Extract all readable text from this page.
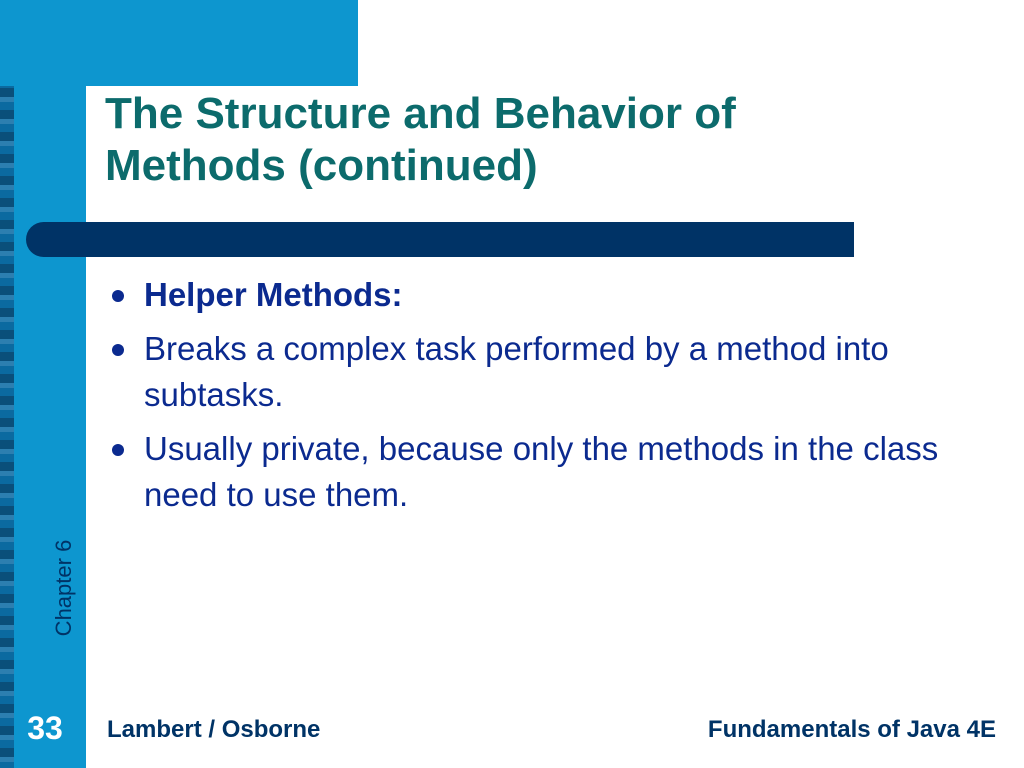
The Structure and Behavior of Methods (continued)
Helper Methods:
Breaks a complex task performed by a method into subtasks.
Usually private, because only the methods in the class need to use them.
Chapter 6
33 Lambert / Osborne	Fundamentals of Java 4E
